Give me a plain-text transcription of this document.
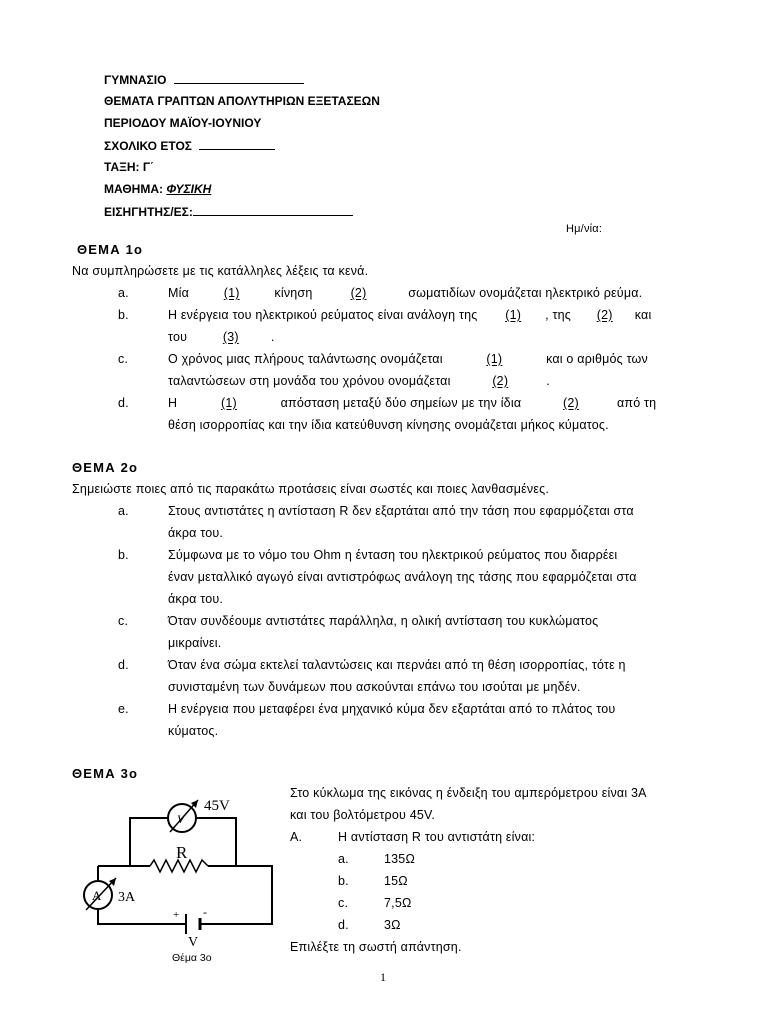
ΓΥΜΝΑΣΙΟ
ΘΕΜΑΤΑ ΓΡΑΠΤΩΝ ΑΠΟΛΥΤΗΡΙΩΝ ΕΞΕΤΑΣΕΩΝ
ΠΕΡΙΟΔΟΥ ΜΑΪΟΥ-ΙΟΥΝΙΟΥ
ΣΧΟΛΙΚΟ ΕΤΟΣ
ΤΑΞΗ: Γ΄
ΜΑΘΗΜΑ: ΦΥΣΙΚΗ
ΕΙΣΗΓΗΤΗΣ/ΕΣ:
Ημ/νία:
ΘΕΜΑ 1ο
Να συμπληρώσετε με τις κατάλληλες λέξεις τα κενά.
a.	Μία	(1)	κίνηση	(2)	σωματιδίων ονομάζεται ηλεκτρικό ρεύμα.
b.	Η ενέργεια του ηλεκτρικού ρεύματος είναι ανάλογη της (1) , της (2) και
του	(3)	.
c.	Ο χρόνος μιας πλήρους ταλάντωσης ονομάζεται	(1)	και ο αριθμός των
ταλαντώσεων στη μονάδα του χρόνου ονομάζεται	(2)	.
d.	Η	(1)	απόσταση μεταξύ δύο σημείων με την ίδια	(2)	από τη
θέση ισορροπίας και την ίδια κατεύθυνση κίνησης ονομάζεται μήκος κύματος.
ΘΕΜΑ 2ο
Σημειώστε ποιες από τις παρακάτω προτάσεις είναι σωστές και ποιες λανθασμένες.
a.	Στους αντιστάτες η αντίσταση R δεν εξαρτάται από την τάση που εφαρμόζεται στα
άκρα του.
b.	Σύμφωνα με το νόμο του Ohm η ένταση του ηλεκτρικού ρεύματος που διαρρέει
έναν μεταλλικό αγωγό είναι αντιστρόφως ανάλογη της τάσης που εφαρμόζεται στα
άκρα του.
c.	Όταν συνδέουμε αντιστάτες παράλληλα, η ολική αντίσταση του κυκλώματος
μικραίνει.
d.	Όταν ένα σώμα εκτελεί ταλαντώσεις και περνάει από τη θέση ισορροπίας, τότε η
συνισταμένη των δυνάμεων που ασκούνται επάνω του ισούται με μηδέν.
e.	Η ενέργεια που μεταφέρει ένα μηχανικό κύμα δεν εξαρτάται από το πλάτος του
κύματος.
ΘΕΜΑ 3ο
Στο κύκλωμα της εικόνας η ένδειξη του αμπερόμετρου είναι 3Α
και του βολτόμετρου 45V.
Α.	Η αντίσταση R του αντιστάτη είναι:
a.	135Ω
b.	15Ω
c.	7,5Ω
d.	3Ω
Επιλέξτε τη σωστή απάντηση.
V
45V
R
A 3A
+ -
V
Θέμα 3ο
1
